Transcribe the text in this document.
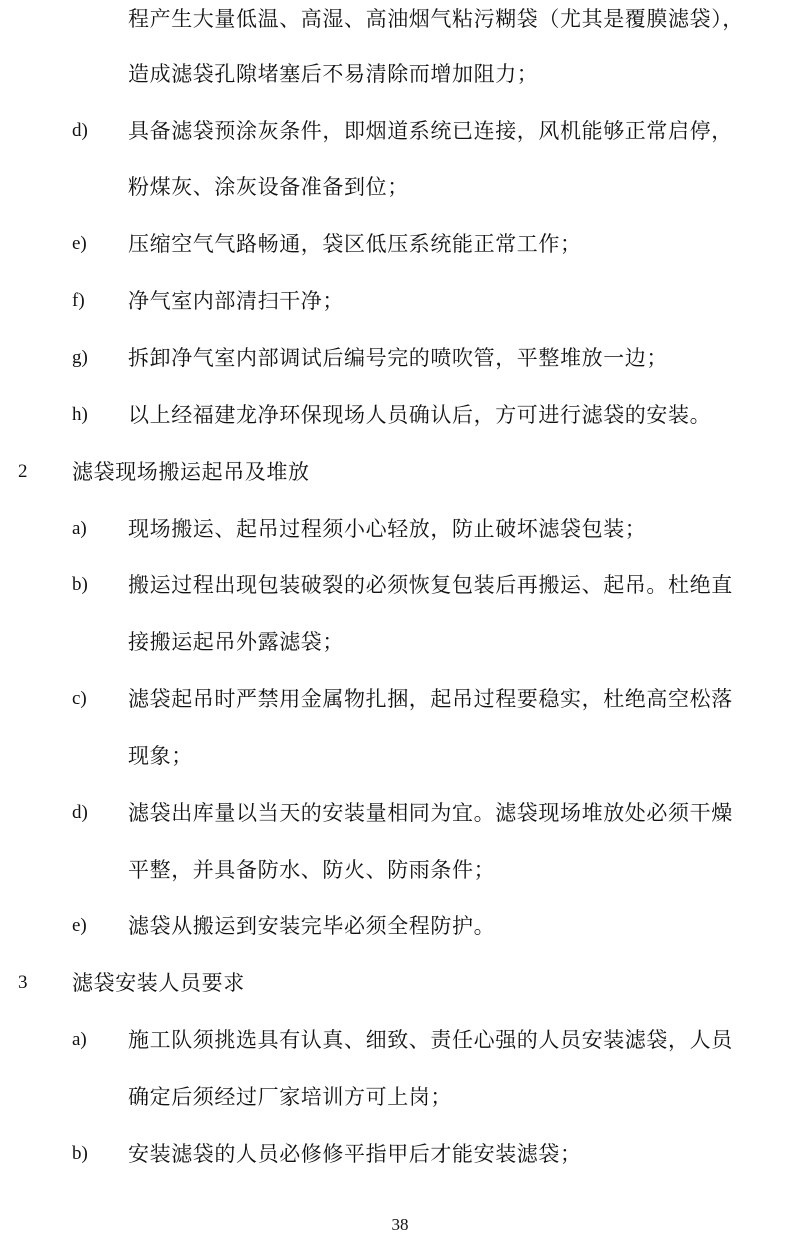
程产生大量低温、高湿、高油烟气粘污糊袋（尤其是覆膜滤袋），
造成滤袋孔隙堵塞后不易清除而增加阻力；
d) 具备滤袋预涂灰条件，即烟道系统已连接，风机能够正常启停，
粉煤灰、涂灰设备准备到位；
e) 压缩空气气路畅通，袋区低压系统能正常工作；
f) 净气室内部清扫干净；
g) 拆卸净气室内部调试后编号完的喷吹管，平整堆放一边；
h) 以上经福建龙净环保现场人员确认后，方可进行滤袋的安装。
2 滤袋现场搬运起吊及堆放
a) 现场搬运、起吊过程须小心轻放，防止破坏滤袋包装；
b) 搬运过程出现包装破裂的必须恢复包装后再搬运、起吊。杜绝直
接搬运起吊外露滤袋；
c) 滤袋起吊时严禁用金属物扎捆，起吊过程要稳实，杜绝高空松落
现象；
d) 滤袋出库量以当天的安装量相同为宜。滤袋现场堆放处必须干燥
平整，并具备防水、防火、防雨条件；
e) 滤袋从搬运到安装完毕必须全程防护。
3 滤袋安装人员要求
a) 施工队须挑选具有认真、细致、责任心强的人员安装滤袋，人员
确定后须经过厂家培训方可上岗；
b) 安装滤袋的人员必修修平指甲后才能安装滤袋；
38
